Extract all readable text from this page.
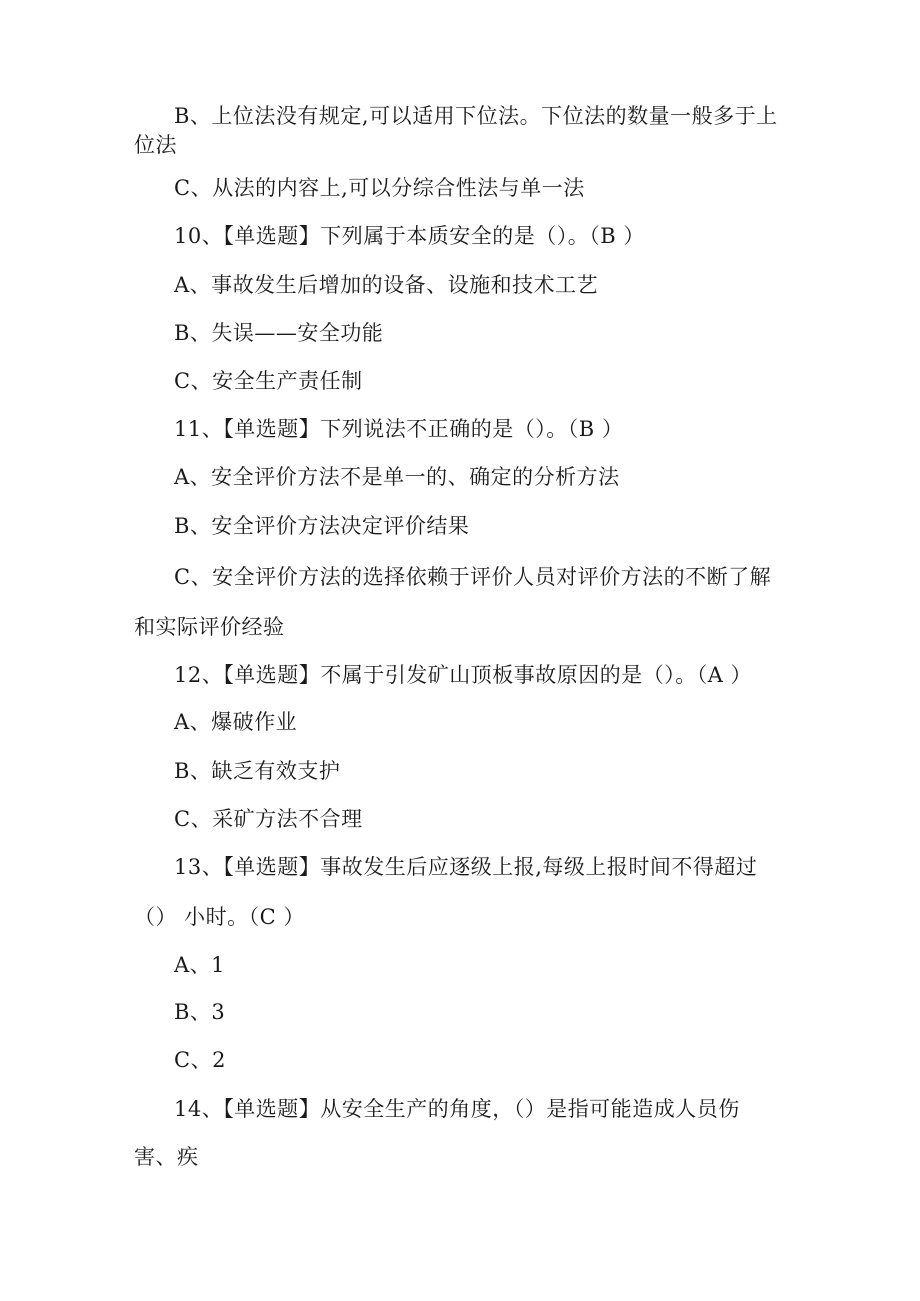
B、上位法没有规定,可以适用下位法。下位法的数量一般多于上
位法
C、从法的内容上,可以分综合性法与单一法
10、【单选题】下列属于本质安全的是（）。（B ）
A、事故发生后增加的设备、设施和技术工艺
B、失误——安全功能
C、安全生产责任制
11、【单选题】下列说法不正确的是（）。（B ）
A、安全评价方法不是单一的、确定的分析方法
B、安全评价方法决定评价结果
C、安全评价方法的选择依赖于评价人员对评价方法的不断了解
和实际评价经验
12、【单选题】不属于引发矿山顶板事故原因的是（）。（A ）
A、爆破作业
B、缺乏有效支护
C、采矿方法不合理
13、【单选题】事故发生后应逐级上报,每级上报时间不得超过
（） 小时。（C ）
A、1
B、3
C、2
14、【单选题】从安全生产的角度，（）是指可能造成人员伤
害、疾
